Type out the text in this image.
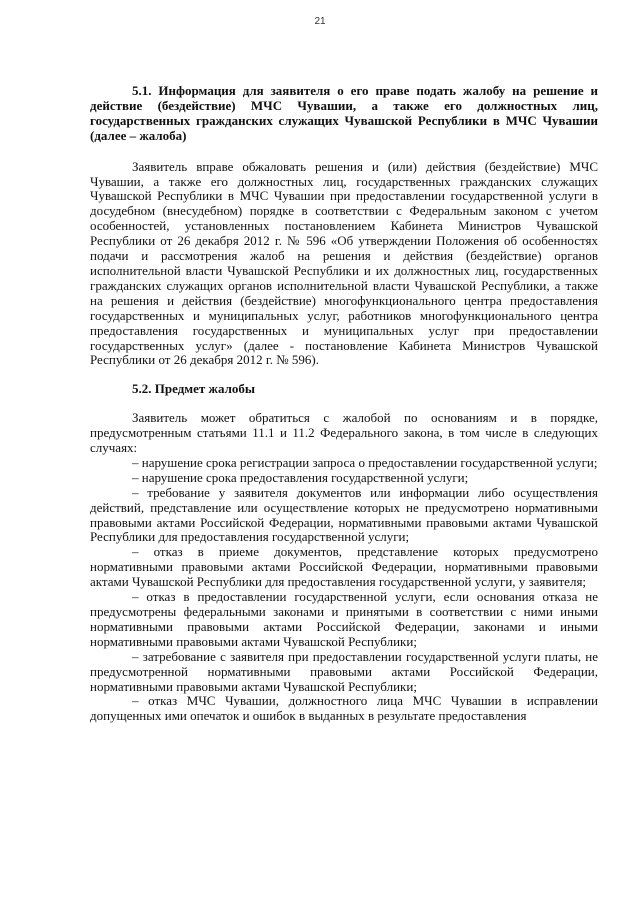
21

5.1. Информация для заявителя о его праве подать жалобу на решение и действие (бездействие) МЧС Чувашии, а также его должностных лиц, государственных гражданских служащих Чувашской Республики в МЧС Чувашии (далее – жалоба)

Заявитель вправе обжаловать решения и (или) действия (бездействие) МЧС Чувашии, а также его должностных лиц, государственных гражданских служащих Чувашской Республики в МЧС Чувашии при предоставлении государственной услуги в досудебном (внесудебном) порядке в соответствии с Федеральным законом с учетом особенностей, установленных постановлением Кабинета Министров Чувашской Республики от 26 декабря 2012 г. № 596 «Об утверждении Положения об особенностях подачи и рассмотрения жалоб на решения и действия (бездействие) органов исполнительной власти Чувашской Республики и их должностных лиц, государственных гражданских служащих органов исполнительной власти Чувашской Республики, а также на решения и действия (бездействие) многофункционального центра предоставления государственных и муниципальных услуг, работников многофункционального центра предоставления государственных и муниципальных услуг при предоставлении государственных услуг» (далее - постановление Кабинета Министров Чувашской Республики от 26 декабря 2012 г. № 596).

5.2. Предмет жалобы

Заявитель может обратиться с жалобой по основаниям и в порядке, предусмотренным статьями 11.1 и 11.2 Федерального закона, в том числе в следующих случаях:

– нарушение срока регистрации запроса о предоставлении государственной услуги;

– нарушение срока предоставления государственной услуги;

– требование у заявителя документов или информации либо осуществления действий, представление или осуществление которых не предусмотрено нормативными правовыми актами Российской Федерации, нормативными правовыми актами Чувашской Республики для предоставления государственной услуги;

– отказ в приеме документов, представление которых предусмотрено нормативными правовыми актами Российской Федерации, нормативными правовыми актами Чувашской Республики для предоставления государственной услуги, у заявителя;

– отказ в предоставлении государственной услуги, если основания отказа не предусмотрены федеральными законами и принятыми в соответствии с ними иными нормативными правовыми актами Российской Федерации, законами и иными нормативными правовыми актами Чувашской Республики;

– затребование с заявителя при предоставлении государственной услуги платы, не предусмотренной нормативными правовыми актами Российской Федерации, нормативными правовыми актами Чувашской Республики;

– отказ МЧС Чувашии, должностного лица МЧС Чувашии в исправлении допущенных ими опечаток и ошибок в выданных в результате предоставления
